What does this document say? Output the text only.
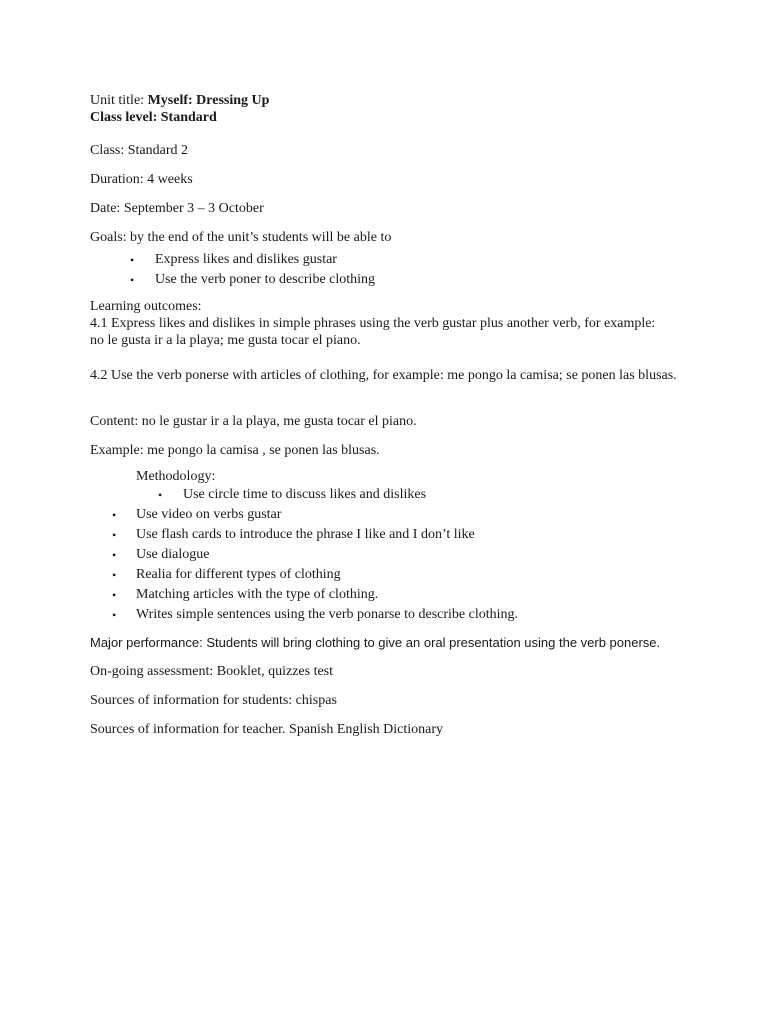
Unit title: Myself: Dressing Up
Class level: Standard
Class: Standard 2
Duration: 4 weeks
Date: September 3 – 3 October
Goals: by the end of the unit’s students will be able to
• Express likes and dislikes gustar
• Use the verb poner to describe clothing
Learning outcomes:
4.1 Express likes and dislikes in simple phrases using the verb gustar plus another verb, for example: no le gusta ir a la playa; me gusta tocar el piano.
4.2 Use the verb ponerse with articles of clothing, for example: me pongo la camisa; se ponen las blusas.
Content: no le gustar ir a la playa, me gusta tocar el piano.
Example: me pongo la camisa , se ponen las blusas.
Methodology:
• Use circle time to discuss likes and dislikes
• Use video on verbs gustar
• Use flash cards to introduce the phrase I like and I don’t like
• Use dialogue
• Realia for different types of clothing
• Matching articles with the type of clothing.
• Writes simple sentences using the verb ponarse to describe clothing.
Major performance: Students will bring clothing to give an oral presentation using the verb ponerse.
On-going assessment: Booklet, quizzes test
Sources of information for students: chispas
Sources of information for teacher. Spanish English Dictionary
